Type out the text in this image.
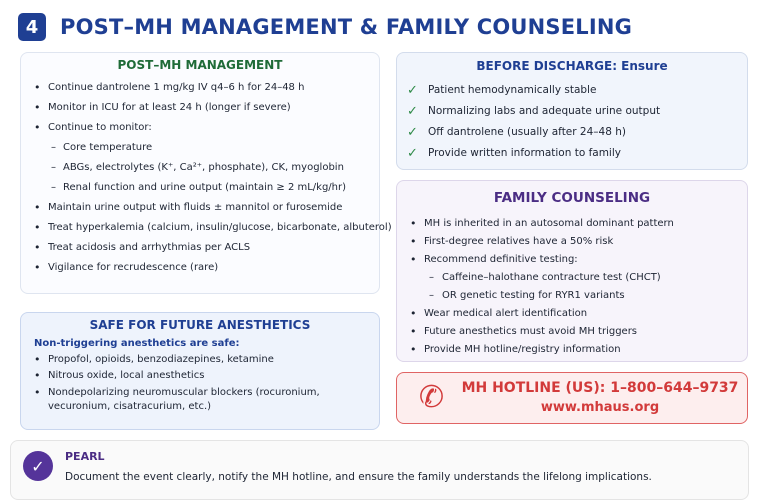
4	POST–MH MANAGEMENT & FAMILY COUNSELING
POST–MH MANAGEMENT
• Continue dantrolene 1 mg/kg IV q4–6 h for 24–48 h
• Monitor in ICU for at least 24 h (longer if severe)
• Continue to monitor:
– Core temperature
– ABGs, electrolytes (K⁺, Ca²⁺, phosphate), CK, myoglobin
– Renal function and urine output (maintain ≥ 2 mL/kg/hr)
• Maintain urine output with fluids ± mannitol or furosemide
• Treat hyperkalemia (calcium, insulin/glucose, bicarbonate, albuterol)
• Treat acidosis and arrhythmias per ACLS
• Vigilance for recrudescence (rare)
SAFE FOR FUTURE ANESTHETICS
Non-triggering anesthetics are safe:
• Propofol, opioids, benzodiazepines, ketamine
• Nitrous oxide, local anesthetics
• Nondepolarizing neuromuscular blockers (rocuronium, vecuronium, cisatracurium, etc.)
BEFORE DISCHARGE: Ensure
✓ Patient hemodynamically stable
✓ Normalizing labs and adequate urine output
✓ Off dantrolene (usually after 24–48 h)
✓ Provide written information to family
FAMILY COUNSELING
• MH is inherited in an autosomal dominant pattern
• First-degree relatives have a 50% risk
• Recommend definitive testing:
– Caffeine–halothane contracture test (CHCT)
– OR genetic testing for RYR1 variants
• Wear medical alert identification
• Future anesthetics must avoid MH triggers
• Provide MH hotline/registry information
✆	MH HOTLINE (US): 1–800–644–9737
www.mhaus.org
✓	PEARL
Document the event clearly, notify the MH hotline, and ensure the family understands the lifelong implications.
